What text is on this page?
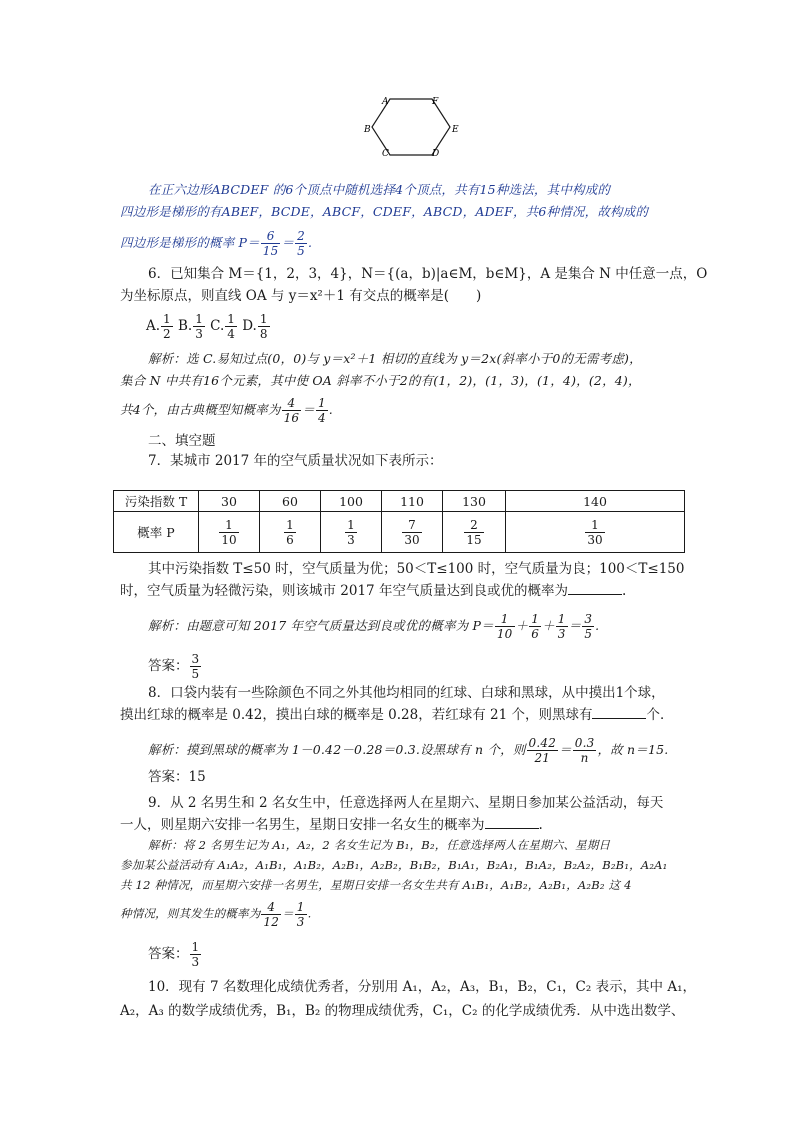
A	F
B	E
C	D
在正六边形ABCDEF 的6个顶点中随机选择4个顶点，共有15种选法，其中构成的
四边形是梯形的有ABEF，BCDE，ABCF，CDEF，ABCD，ADEF，共6种情况，故构成的
四边形是梯形的概率 $P= \frac{6}{15} = \frac{2}{5}$ .
6．已知集合 M＝{1，2，3，4}，N＝{(a，b)|a∈M，b∈M}，A 是集合 N 中任意一点，O
为坐标原点，则直线 OA 与 y＝x²＋1 有交点的概率是(　　)
A. $\frac{1}{2} B$. $\frac{1}{3} C$. $\frac{1}{4} D$. $\frac{1}{8}$
解析：选 C.易知过点(0，0)与 y＝x²＋1 相切的直线为 y＝2x(斜率小于0的无需考虑)，
集合 N 中共有16个元素，其中使 OA 斜率不小于2的有(1，2)，(1，3)，(1，4)，(2，4)，
共4个，由古典概型知概率为 $\frac{4}{16} = \frac{1}{4}$ .
二、填空题
7．某城市 2017 年的空气质量状况如下表所示：
污染指数 T	30	60	100	110	130	140
概率 P	$\frac{1}{10}$	$\frac{1}{6}$	$\frac{1}{3}$	$\frac{7}{30}$	$\frac{2}{15}$	$\frac{1}{30}$
其中污染指数 T≤50 时，空气质量为优；50＜T≤100 时，空气质量为良；100＜T≤150
时，空气质量为轻微污染，则该城市 2017 年空气质量达到良或优的概率为	.
解析：由题意可知 2017 年空气质量达到良或优的概率为 $P= \frac{1}{10} + \frac{1}{6} + \frac{1}{3} = \frac{3}{5}$ .
答案： $\frac{3}{5}$
8．口袋内装有一些除颜色不同之外其他均相同的红球、白球和黑球，从中摸出1个球，
摸出红球的概率是 0.42，摸出白球的概率是 0.28，若红球有 21 个，则黑球有	个．
解析：摸到黑球的概率为 1－0.42－0.28＝0.3.设黑球有 n 个，则 $\frac{0.42}{21} = \frac{0.3}{n}$ ，故 n＝15.
答案：15
9．从 2 名男生和 2 名女生中，任意选择两人在星期六、星期日参加某公益活动，每天
一人，则星期六安排一名男生，星期日安排一名女生的概率为	.
解析：将 2 名男生记为 A₁，A₂，2 名女生记为 B₁，B₂，任意选择两人在星期六、星期日
参加某公益活动有 A₁A₂，A₁B₁，A₁B₂，A₂B₁，A₂B₂，B₁B₂，B₁A₁，B₂A₁，B₁A₂，B₂A₂，B₂B₁，A₂A₁
共 12 种情况，而星期六安排一名男生，星期日安排一名女生共有 A₁B₁，A₁B₂，A₂B₁，A₂B₂ 这 4
种情况，则其发生的概率为 $\frac{4}{12} = \frac{1}{3}$ .
答案： $\frac{1}{3}$
10．现有 7 名数理化成绩优秀者，分别用 A₁，A₂，A₃，B₁，B₂，C₁，C₂ 表示，其中 A₁，
A₂，A₃ 的数学成绩优秀，B₁，B₂ 的物理成绩优秀，C₁，C₂ 的化学成绩优秀．从中选出数学、
